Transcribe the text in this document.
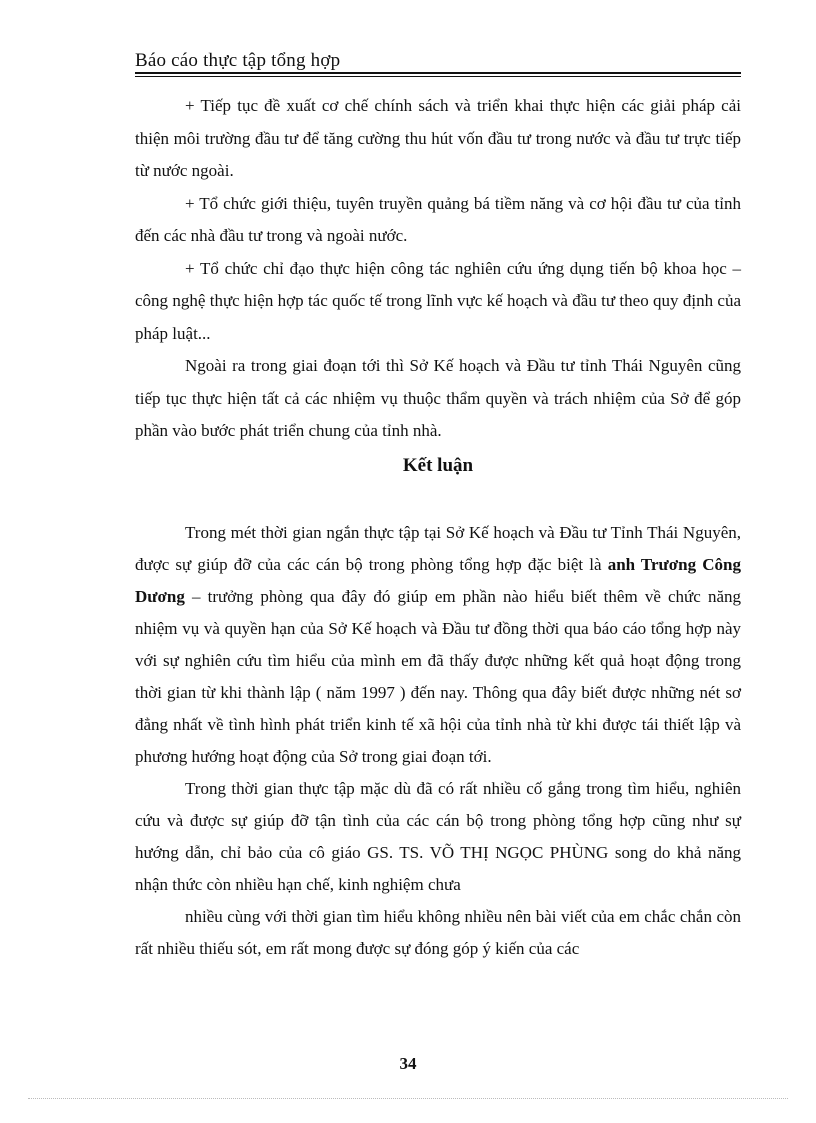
Báo cáo thực tập tổng hợp

+ Tiếp tục đề xuất cơ chế chính sách và triển khai thực hiện các giải pháp cải thiện môi trường đầu tư để tăng cường thu hút vốn đầu tư trong nước và đầu tư trực tiếp từ nước ngoài.

+ Tổ chức giới thiệu, tuyên truyền quảng bá tiềm năng và cơ hội đầu tư của tỉnh đến các nhà đầu tư trong và ngoài nước.

+ Tổ chức chỉ đạo thực hiện công tác nghiên cứu ứng dụng tiến bộ khoa học – công nghệ thực hiện hợp tác quốc tế trong lĩnh vực kế hoạch và đầu tư theo quy định của pháp luật...

Ngoài ra trong giai đoạn tới thì Sở Kế hoạch và Đầu tư tỉnh Thái Nguyên cũng tiếp tục thực hiện tất cả các nhiệm vụ thuộc thẩm quyền và trách nhiệm của Sở để góp phần vào bước phát triển chung của tỉnh nhà.

Kết luận

Trong mét thời gian ngắn thực tập tại Sở Kế hoạch và Đầu tư Tỉnh Thái Nguyên, được sự giúp đỡ của các cán bộ trong phòng tổng hợp đặc biệt là anh Trương Công Dương – trưởng phòng qua đây đó giúp em phần nào hiểu biết thêm về chức năng nhiệm vụ và quyền hạn của Sở Kế hoạch và Đầu tư đồng thời qua báo cáo tổng hợp này với sự nghiên cứu tìm hiểu của mình em đã thấy được những kết quả hoạt động trong thời gian từ khi thành lập ( năm 1997 ) đến nay. Thông qua đây biết được những nét sơ đẳng nhất về tình hình phát triển kinh tế xã hội của tỉnh nhà từ khi được tái thiết lập và phương hướng hoạt động của Sở trong giai đoạn tới.

Trong thời gian thực tập mặc dù đã có rất nhiều cố gắng trong tìm hiểu, nghiên cứu và được sự giúp đỡ tận tình của các cán bộ trong phòng tổng hợp cũng như sự hướng dẫn, chỉ bảo của cô giáo GS. TS. VÕ THỊ NGỌC PHÙNG song do khả năng nhận thức còn nhiều hạn chế, kinh nghiệm chưa

nhiều cùng với thời gian tìm hiểu không nhiều nên bài viết của em chắc chắn còn rất nhiều thiếu sót, em rất mong được sự đóng góp ý kiến của các

34
